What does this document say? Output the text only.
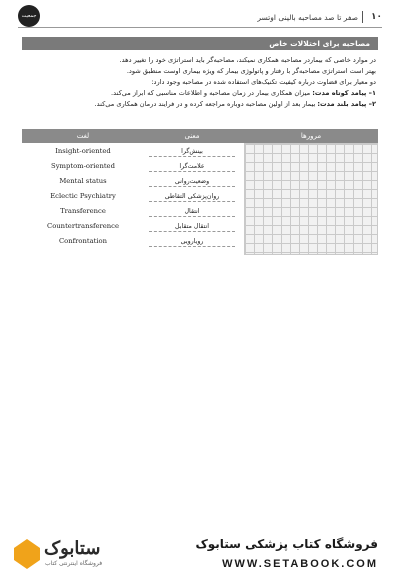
۱۰
صفر تا صد مصاحبه بالینی اوتسر
جمعیت
مصاحبه برای اختلالات خاص
در موارد خاصی که بیماردر مصاحبه همکاری نمیکند، مصاحبه‌گر باید استراتژی خود را تغییر دهد.
بهتر است استراتژی مصاحبه‌گر با رفتار و پاتولوژی بیمار که ویژه بیماری اوست منطبق شود.
دو معیار برای قضاوت درباره کیفیت تکنیک‌های استفاده شده در مصاحبه وجود دارد:
۱– پیامد کوتاه مدت: میزان همکاری بیمار در زمان مصاحبه و اطلاعات مناسبی که ابراز می‌کند.
۲– پیامد بلند مدت: بیمار بعد از اولین مصاحبه دوباره مراجعه کرده و در فرایند درمان همکاری می‌کند.
لغت	معنی	مرورها
Insight-oriented	بینش‌گرا
Symptom-oriented	علامت‌گرا
Mental status	وضعیت‌روانی
Eclectic Psychiatry	روان‌پزشکی التقاطی
Transference	انتقال
Countertransference	انتقال متقابل
Confrontation	رویارویی
ستابوک
فروشگاه اینترنتی کتاب
فروشگاه کتاب پزشکی ستابوک
WWW.SETABOOK.COM
